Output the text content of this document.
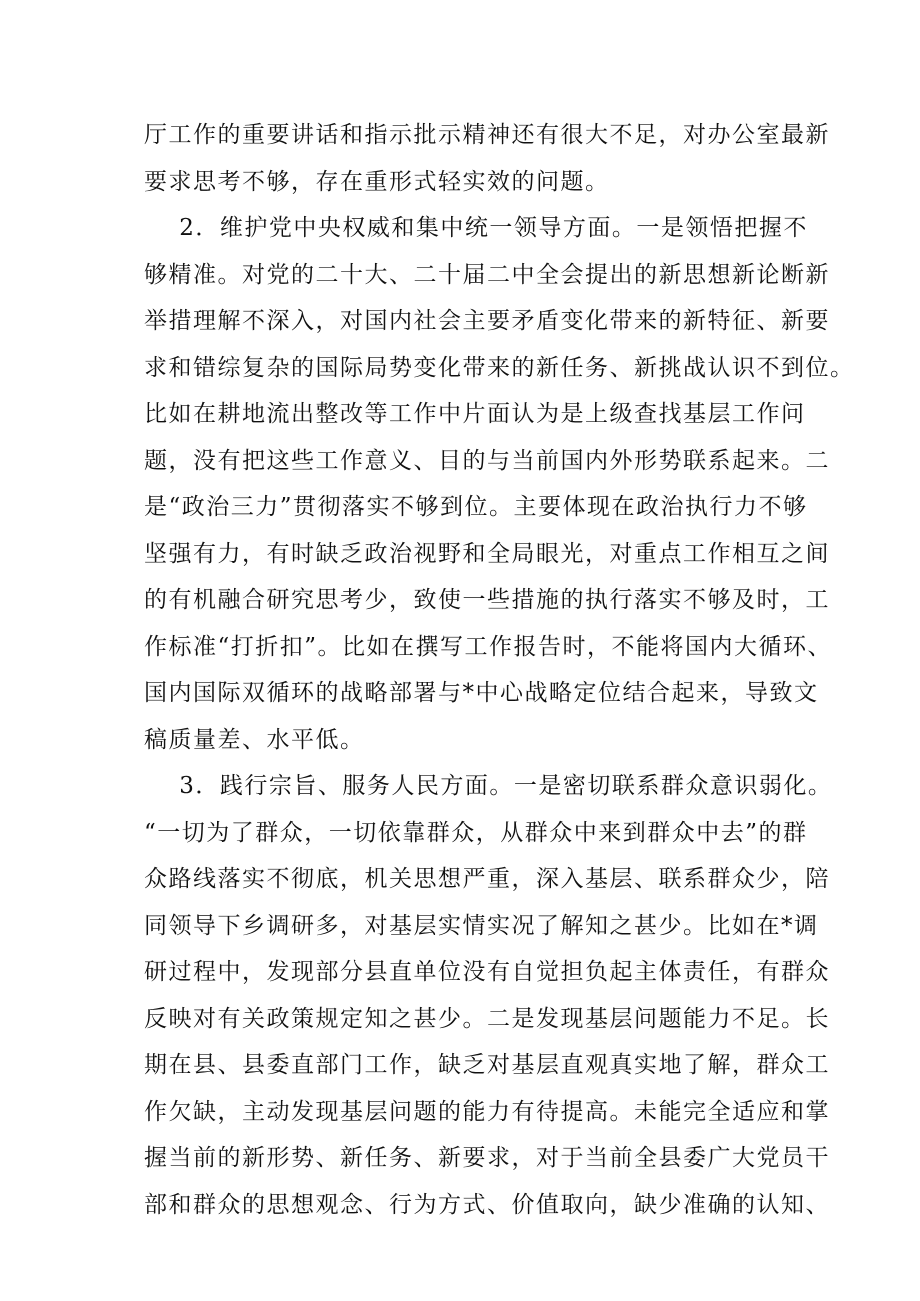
厅工作的重要讲话和指示批示精神还有很大不足，对办公室最新
要求思考不够，存在重形式轻实效的问题。
2．维护党中央权威和集中统一领导方面。一是领悟把握不
够精准。对党的二十大、二十届二中全会提出的新思想新论断新
举措理解不深入，对国内社会主要矛盾变化带来的新特征、新要
求和错综复杂的国际局势变化带来的新任务、新挑战认识不到位。
比如在耕地流出整改等工作中片面认为是上级查找基层工作问
题，没有把这些工作意义、目的与当前国内外形势联系起来。二
是“政治三力”贯彻落实不够到位。主要体现在政治执行力不够
坚强有力，有时缺乏政治视野和全局眼光，对重点工作相互之间
的有机融合研究思考少，致使一些措施的执行落实不够及时，工
作标准“打折扣”。比如在撰写工作报告时，不能将国内大循环、
国内国际双循环的战略部署与*中心战略定位结合起来，导致文
稿质量差、水平低。
3．践行宗旨、服务人民方面。一是密切联系群众意识弱化。
“一切为了群众，一切依靠群众，从群众中来到群众中去”的群
众路线落实不彻底，机关思想严重，深入基层、联系群众少，陪
同领导下乡调研多，对基层实情实况了解知之甚少。比如在*调
研过程中，发现部分县直单位没有自觉担负起主体责任，有群众
反映对有关政策规定知之甚少。二是发现基层问题能力不足。长
期在县、县委直部门工作，缺乏对基层直观真实地了解，群众工
作欠缺，主动发现基层问题的能力有待提高。未能完全适应和掌
握当前的新形势、新任务、新要求，对于当前全县委广大党员干
部和群众的思想观念、行为方式、价值取向，缺少准确的认知、
